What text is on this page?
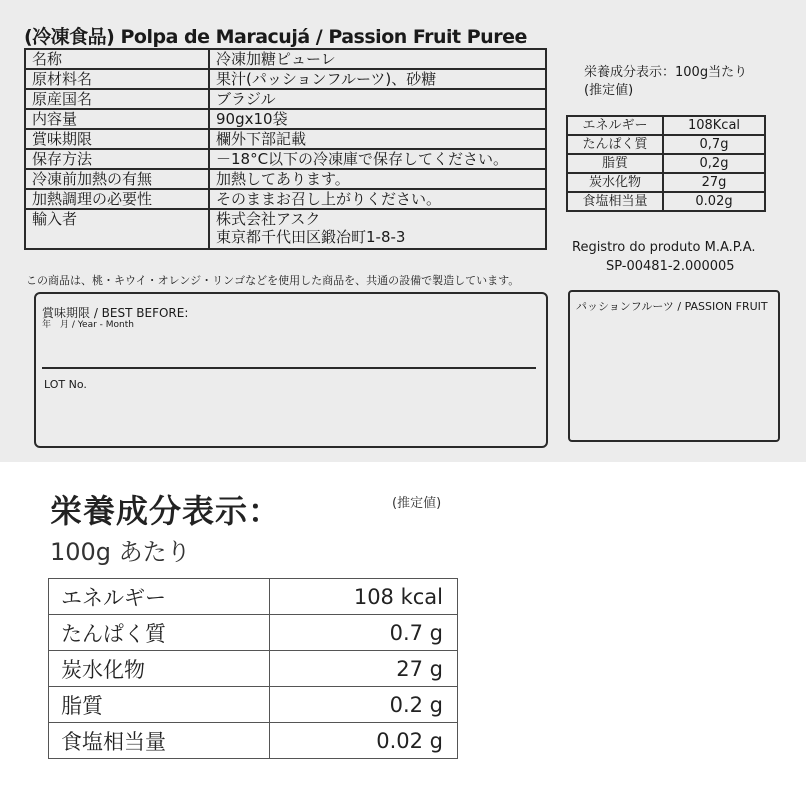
(冷凍食品) Polpa de Maracujá / Passion Fruit Puree
名称	冷凍加糖ピューレ
原材料名	果汁(パッションフルーツ)、砂糖
原産国名	ブラジル
内容量	90gx10袋
賞味期限	欄外下部記載
保存方法	－18°C以下の冷凍庫で保存してください。
冷凍前加熱の有無	加熱してあります。
加熱調理の必要性	そのままお召し上がりください。
輸入者	株式会社アスク
東京都千代田区鍛冶町1-8-3
この商品は、桃・キウイ・オレンジ・リンゴなどを使用した商品を、共通の設備で製造しています。
賞味期限 / BEST BEFORE:
年　月 / Year - Month
LOT No.
栄養成分表示：100g当たり
(推定値)
エネルギー	108Kcal
たんぱく質	0,7g
脂質	0,2g
炭水化物	27g
食塩相当量	0.02g
Registro do produto M.A.P.A.
SP-00481-2.000005
パッションフルーツ / PASSION FRUIT
栄養成分表示：	(推定値)
100g あたり
エネルギー	108 kcal
たんぱく質	0.7 g
炭水化物	27 g
脂質	0.2 g
食塩相当量	0.02 g
